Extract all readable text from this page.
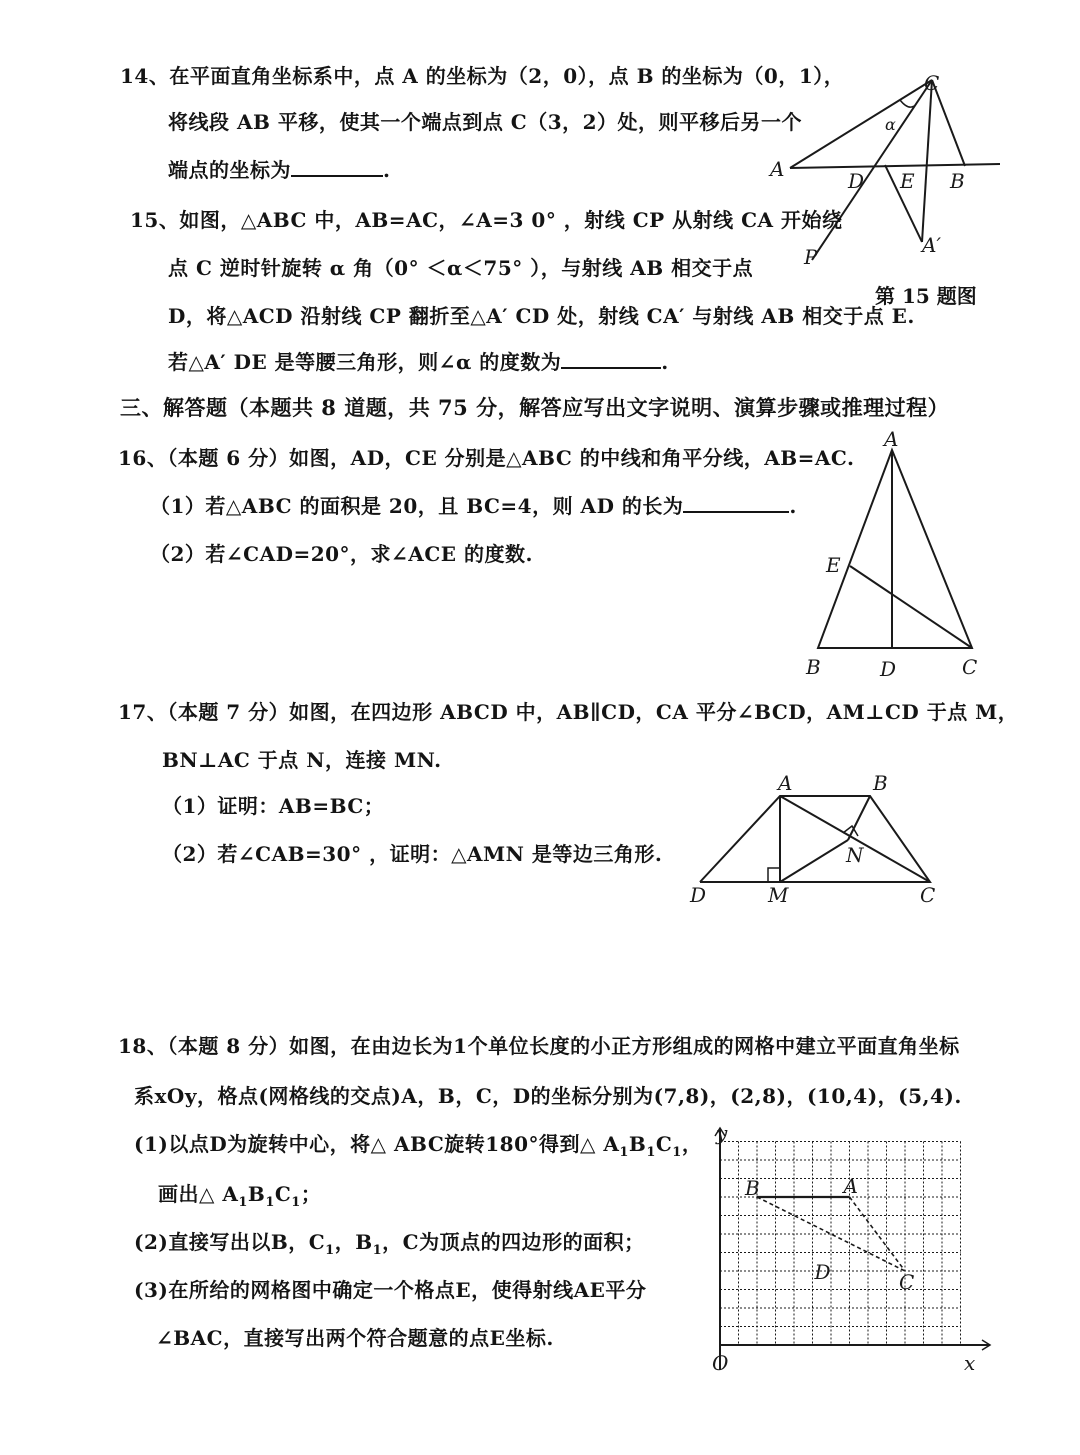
14、在平面直角坐标系中，点 A 的坐标为（2，0），点 B 的坐标为（0，1），
将线段 AB 平移，使其一个端点到点 C（3，2）处，则平移后另一个
端点的坐标为	.
C
α
A	D E B
P	A′
第 15 题图
15、如图，△ABC 中，AB=AC，∠A=3 0° ，射线 CP 从射线 CA 开始绕
点 C 逆时针旋转 α 角（0° ＜α＜75° ），与射线 AB 相交于点
D，将△ACD 沿射线 CP 翻折至△A′ CD 处，射线 CA′ 与射线 AB 相交于点 E.
若△A′ DE 是等腰三角形，则∠α 的度数为	.
三、解答题（本题共 8 道题，共 75 分，解答应写出文字说明、演算步骤或推理过程）
16、（本题 6 分）如图，AD，CE 分别是△ABC 的中线和角平分线，AB=AC.
（1）若△ABC 的面积是 20，且 BC=4，则 AD 的长为	.
（2）若∠CAD=20°，求∠ACE 的度数.
A
E
B	D	C
17、（本题 7 分）如图，在四边形 ABCD 中，AB∥CD，CA 平分∠BCD，AM⊥CD 于点 M，
BN⊥AC 于点 N，连接 MN.
（1）证明：AB=BC；
（2）若∠CAB=30° ，证明：△AMN 是等边三角形.
A	B
N
D	M	C
18、（本题 8 分）如图，在由边长为1个单位长度的小正方形组成的网格中建立平面直角坐标
系xOy，格点(网格线的交点)A，B，C，D的坐标分别为(7,8)，(2,8)，(10,4)，(5,4).
(1)以点D为旋转中心，将△ ABC旋转180°得到△ $A_1B_1C_1$，
画出△ $A_1B_1C_1$；
(2)直接写出以B，$C_1$，$B_1$，C为顶点的四边形的面积；
(3)在所给的网格图中确定一个格点E，使得射线AE平分
∠BAC，直接写出两个符合题意的点E坐标.
y
x
O
A
B
C
D
